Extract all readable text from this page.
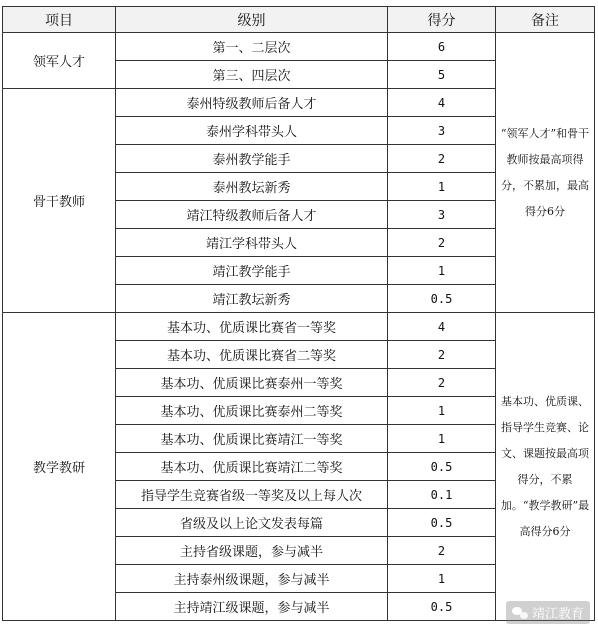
项目	级别	得分	备注
领军人才	第一、二层次	6	“领军人才”和骨干教师按最高项得分，不累加，最高得分6分
	第三、四层次	5	
骨干教师	泰州特级教师后备人才	4	
	泰州学科带头人	3	
	泰州教学能手	2	
	泰州教坛新秀	1	
	靖江特级教师后备人才	3	
	靖江学科带头人	2	
	靖江教学能手	1	
	靖江教坛新秀	0.5	
教学教研	基本功、优质课比赛省一等奖	4	基本功、优质课、指导学生竞赛、论文、课题按最高项得分，不累加。“教学教研”最高得分6分
	基本功、优质课比赛省二等奖	2	
	基本功、优质课比赛泰州一等奖	2	
	基本功、优质课比赛泰州二等奖	1	
	基本功、优质课比赛靖江一等奖	1	
	基本功、优质课比赛靖江二等奖	0.5	
	指导学生竞赛省级一等奖及以上每人次	0.1	
	省级及以上论文发表每篇	0.5	
	主持省级课题，参与减半	2	
	主持泰州级课题，参与减半	1	
	主持靖江级课题，参与减半	0.5	
靖江教育
